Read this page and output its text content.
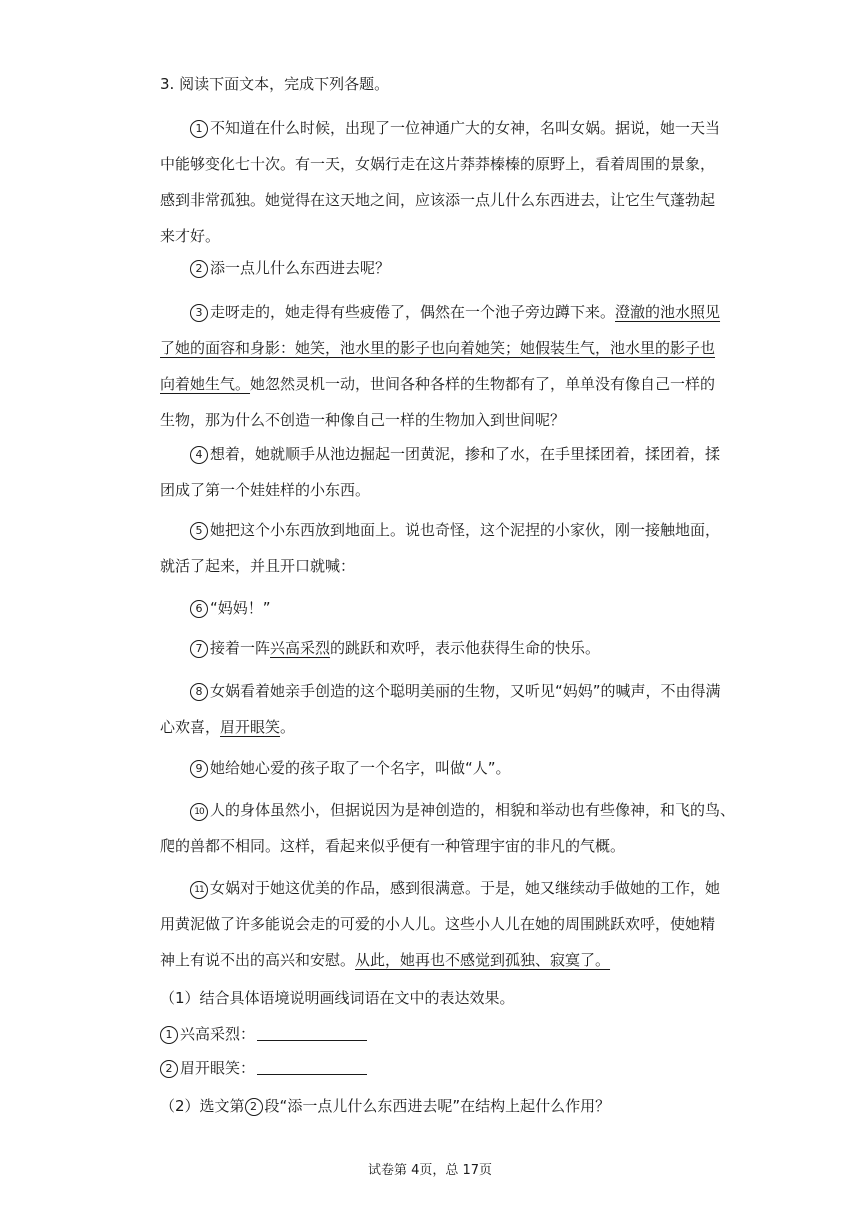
3. 阅读下面文本，完成下列各题。
1 不知道在什么时候，出现了一位神通广大的女神，名叫女娲。据说，她一天当
中能够变化七十次。有一天，女娲行走在这片莽莽榛榛的原野上，看着周围的景象，
感到非常孤独。她觉得在这天地之间，应该添一点儿什么东西进去，让它生气蓬勃起
来才好。
2 添一点儿什么东西进去呢？
3 走呀走的，她走得有些疲倦了，偶然在一个池子旁边蹲下来。澄澈的池水照见
了她的面容和身影：她笑，池水里的影子也向着她笑；她假装生气，池水里的影子也
向着她生气。她忽然灵机一动，世间各种各样的生物都有了，单单没有像自己一样的
生物，那为什么不创造一种像自己一样的生物加入到世间呢？
4 想着，她就顺手从池边掘起一团黄泥，掺和了水，在手里揉团着，揉团着，揉
团成了第一个娃娃样的小东西。
5 她把这个小东西放到地面上。说也奇怪，这个泥捏的小家伙，刚一接触地面，
就活了起来，并且开口就喊：
6 “妈妈！”
7 接着一阵兴高采烈的跳跃和欢呼，表示他获得生命的快乐。
8 女娲看着她亲手创造的这个聪明美丽的生物，又听见“妈妈”的喊声，不由得满
心欢喜，眉开眼笑。
9 她给她心爱的孩子取了一个名字，叫做“人”。
10 人的身体虽然小，但据说因为是神创造的，相貌和举动也有些像神，和飞的鸟、
爬的兽都不相同。这样，看起来似乎便有一种管理宇宙的非凡的气概。
11 女娲对于她这优美的作品，感到很满意。于是，她又继续动手做她的工作，她
用黄泥做了许多能说会走的可爱的小人儿。这些小人儿在她的周围跳跃欢呼，使她精
神上有说不出的高兴和安慰。从此，她再也不感觉到孤独、寂寞了。
（1）结合具体语境说明画线词语在文中的表达效果。
1 兴高采烈：
2 眉开眼笑：
（2）选文第 2 段“添一点儿什么东西进去呢”在结构上起什么作用？
试卷第 4页，总 17页
